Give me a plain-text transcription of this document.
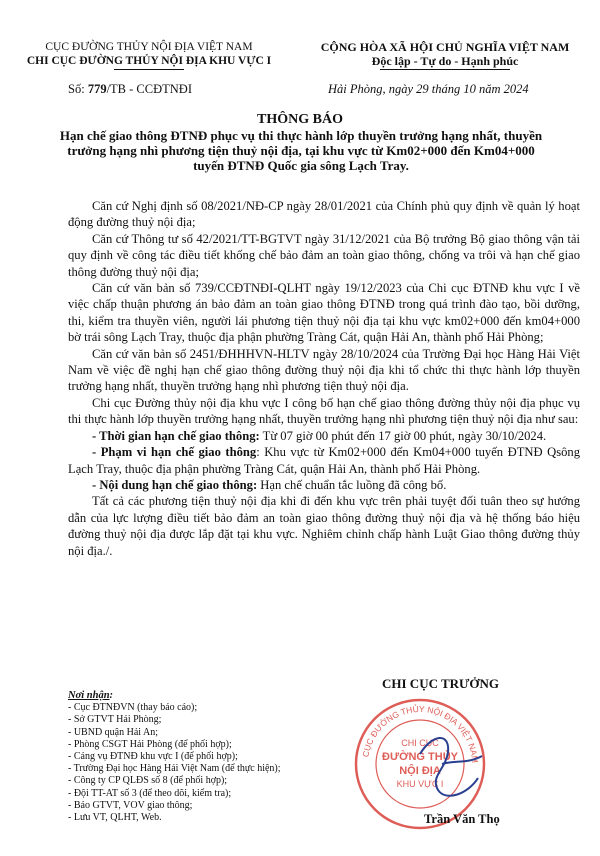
CỤC ĐƯỜNG THỦY NỘI ĐỊA VIỆT NAM
CHI CỤC ĐƯỜNG THỦY NỘI ĐỊA KHU VỰC I
CỘNG HÒA XÃ HỘI CHỦ NGHĨA VIỆT NAM
Độc lập - Tự do - Hạnh phúc
Số: 779/TB - CCĐTNĐI	Hải Phòng, ngày 29 tháng 10 năm 2024
THÔNG BÁO
Hạn chế giao thông ĐTNĐ phục vụ thi thực hành lớp thuyền trưởng hạng nhất, thuyền trưởng hạng nhì phương tiện thuỷ nội địa, tại khu vực từ Km02+000 đến Km04+000 tuyến ĐTNĐ Quốc gia sông Lạch Tray.

Căn cứ Nghị định số 08/2021/NĐ-CP ngày 28/01/2021 của Chính phủ quy định về quản lý hoạt động đường thuỷ nội địa;

Căn cứ Thông tư số 42/2021/TT-BGTVT ngày 31/12/2021 của Bộ trưởng Bộ giao thông vận tải quy định về công tác điều tiết khống chế bảo đảm an toàn giao thông, chống va trôi và hạn chế giao thông đường thuỷ nội địa;

Căn cứ văn bản số 739/CCĐTNĐI-QLHT ngày 19/12/2023 của Chi cục ĐTNĐ khu vực I về việc chấp thuận phương án bảo đảm an toàn giao thông ĐTNĐ trong quá trình đào tạo, bồi dưỡng, thi, kiểm tra thuyền viên, người lái phương tiện thuỷ nội địa tại khu vực km02+000 đến km04+000 bờ trái sông Lạch Tray, thuộc địa phận phường Tràng Cát, quận Hải An, thành phố Hải Phòng;

Căn cứ văn bản số 2451/ĐHHHVN-HLTV ngày 28/10/2024 của Trường Đại học Hàng Hải Việt Nam về việc đề nghị hạn chế giao thông đường thuỷ nội địa khi tổ chức thi thực hành lớp thuyền trưởng hạng nhất, thuyền trưởng hạng nhì phương tiện thuỷ nội địa.

Chi cục Đường thủy nội địa khu vực I công bố hạn chế giao thông đường thủy nội địa phục vụ thi thực hành lớp thuyền trưởng hạng nhất, thuyền trưởng hạng nhì phương tiện thuỷ nội địa như sau:

- Thời gian hạn chế giao thông: Từ 07 giờ 00 phút đến 17 giờ 00 phút, ngày 30/10/2024.

- Phạm vi hạn chế giao thông: Khu vực từ Km02+000 đến Km04+000 tuyến ĐTNĐ Qsông Lạch Tray, thuộc địa phận phường Tràng Cát, quận Hải An, thành phố Hải Phòng.

- Nội dung hạn chế giao thông: Hạn chế chuẩn tắc luồng đã công bố.

Tất cả các phương tiện thuỷ nội địa khi đi đến khu vực trên phải tuyệt đối tuân theo sự hướng dẫn của lực lượng điều tiết bảo đảm an toàn giao thông đường thuỷ nội địa và hệ thống báo hiệu đường thuỷ nội địa được lắp đặt tại khu vực. Nghiêm chỉnh chấp hành Luật Giao thông đường thủy nội địa./.

Nơi nhận:
- Cục ĐTNĐVN (thay báo cáo);
- Sở GTVT Hải Phòng;
- UBND quận Hải An;
- Phòng CSGT Hải Phòng (để phối hợp);
- Cảng vụ ĐTNĐ khu vực I (để phối hợp);
- Trường Đại học Hàng Hải Việt Nam (để thực hiện);
- Công ty CP QLĐS số 8 (để phối hợp);
- Đội TT-AT số 3 (để theo dõi, kiểm tra);
- Báo GTVT, VOV giao thông;
- Lưu VT, QLHT, Web.
CHI CỤC TRƯỞNG
CỤC ĐƯỜNG THỦY NỘI ĐỊA VIỆT NAM
CHI CỤC
ĐƯỜNG THỦY
NỘI ĐỊA
KHU VỰC I
Trần Văn Thọ
